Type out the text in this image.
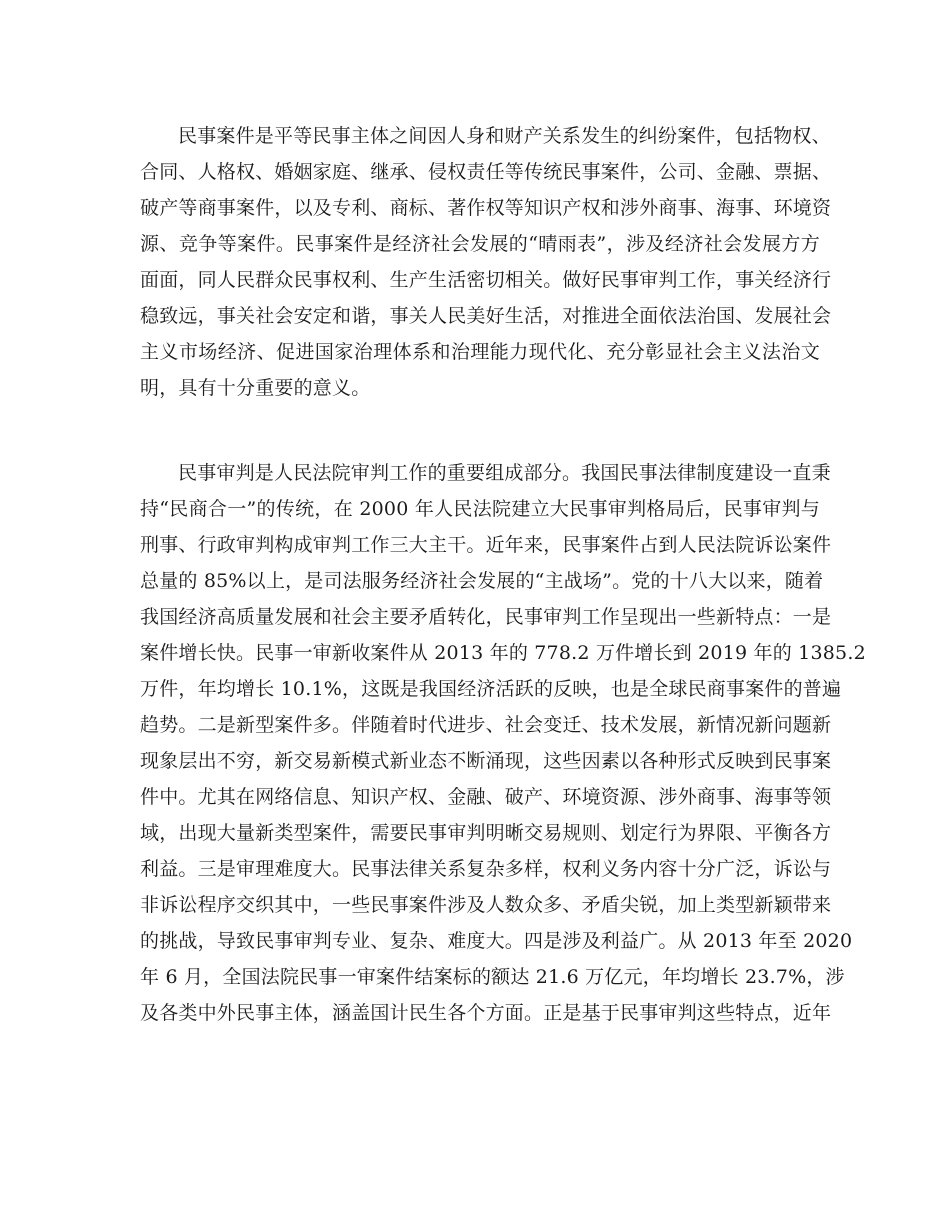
民事案件是平等民事主体之间因人身和财产关系发生的纠纷案件，包括物权、
合同、人格权、婚姻家庭、继承、侵权责任等传统民事案件，公司、金融、票据、
破产等商事案件，以及专利、商标、著作权等知识产权和涉外商事、海事、环境资
源、竞争等案件。民事案件是经济社会发展的“晴雨表”，涉及经济社会发展方方
面面，同人民群众民事权利、生产生活密切相关。做好民事审判工作，事关经济行
稳致远，事关社会安定和谐，事关人民美好生活，对推进全面依法治国、发展社会
主义市场经济、促进国家治理体系和治理能力现代化、充分彰显社会主义法治文
明，具有十分重要的意义。
民事审判是人民法院审判工作的重要组成部分。我国民事法律制度建设一直秉
持“民商合一”的传统，在 2000 年人民法院建立大民事审判格局后，民事审判与
刑事、行政审判构成审判工作三大主干。近年来，民事案件占到人民法院诉讼案件
总量的 85%以上，是司法服务经济社会发展的“主战场”。党的十八大以来，随着
我国经济高质量发展和社会主要矛盾转化，民事审判工作呈现出一些新特点：一是
案件增长快。民事一审新收案件从 2013 年的 778.2 万件增长到 2019 年的 1385.2
万件，年均增长 10.1%，这既是我国经济活跃的反映，也是全球民商事案件的普遍
趋势。二是新型案件多。伴随着时代进步、社会变迁、技术发展，新情况新问题新
现象层出不穷，新交易新模式新业态不断涌现，这些因素以各种形式反映到民事案
件中。尤其在网络信息、知识产权、金融、破产、环境资源、涉外商事、海事等领
域，出现大量新类型案件，需要民事审判明晰交易规则、划定行为界限、平衡各方
利益。三是审理难度大。民事法律关系复杂多样，权利义务内容十分广泛，诉讼与
非诉讼程序交织其中，一些民事案件涉及人数众多、矛盾尖锐，加上类型新颖带来
的挑战，导致民事审判专业、复杂、难度大。四是涉及利益广。从 2013 年至 2020
年 6 月，全国法院民事一审案件结案标的额达 21.6 万亿元，年均增长 23.7%，涉
及各类中外民事主体，涵盖国计民生各个方面。正是基于民事审判这些特点，近年
